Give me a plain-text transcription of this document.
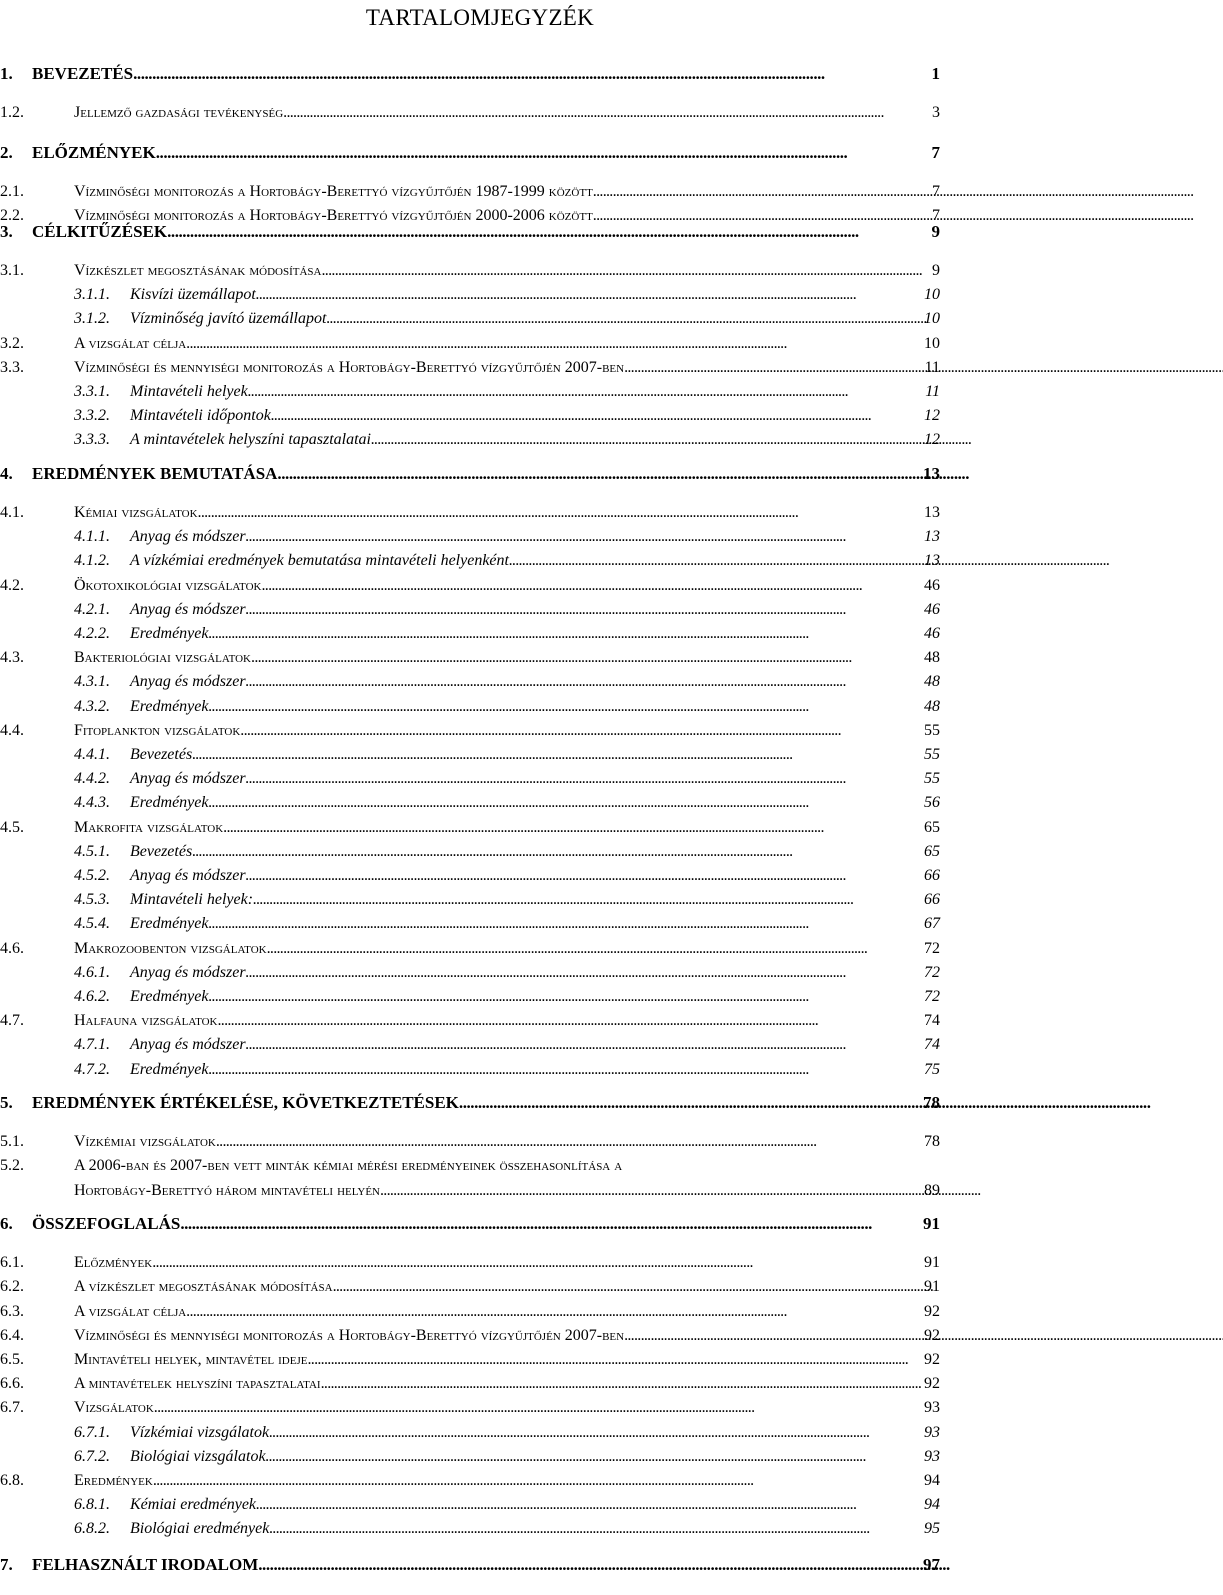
TARTALOMJEGYZÉK
1.	BEVEZETÉS . . .	1
1.2.	Jellemző gazdasági tevékenység . . .	3
2.	ELŐZMÉNYEK . . .	7
2.1.	Vízminőségi monitorozás a Hortobágy-Berettyó vízgyűjtőjén 1987-1999 között . . .	7
2.2.	Vízminőségi monitorozás a Hortobágy-Berettyó vízgyűjtőjén 2000-2006 között . . .	7
3.	CÉLKITŰZÉSEK . . .	9
3.1.	Vízkészlet megosztásának módosítása . . .	9
3.1.1.	Kisvízi üzemállapot . . .	10
3.1.2.	Vízminőség javító üzemállapot . . .	10
3.2.	A vizsgálat célja . . .	10
3.3.	Vízminőségi és mennyiségi monitorozás a Hortobágy-Berettyó vízgyűjtőjén 2007-ben . . .	11
3.3.1.	Mintavételi helyek . . .	11
3.3.2.	Mintavételi időpontok . . .	12
3.3.3.	A mintavételek helyszíni tapasztalatai . . .	12
4.	EREDMÉNYEK BEMUTATÁSA . . .	13
4.1.	Kémiai vizsgálatok . . .	13
4.1.1.	Anyag és módszer . . .	13
4.1.2.	A vízkémiai eredmények bemutatása mintavételi helyenként . . .	13
4.2.	Ökotoxikológiai vizsgálatok . . .	46
4.2.1.	Anyag és módszer . . .	46
4.2.2.	Eredmények . . .	46
4.3.	Bakteriológiai vizsgálatok . . .	48
4.3.1.	Anyag és módszer . . .	48
4.3.2.	Eredmények . . .	48
4.4.	Fitoplankton vizsgálatok . . .	55
4.4.1.	Bevezetés . . .	55
4.4.2.	Anyag és módszer . . .	55
4.4.3.	Eredmények . . .	56
4.5.	Makrofita vizsgálatok . . .	65
4.5.1.	Bevezetés . . .	65
4.5.2.	Anyag és módszer . . .	66
4.5.3.	Mintavételi helyek: . . .	66
4.5.4.	Eredmények . . .	67
4.6.	Makrozoobenton vizsgálatok . . .	72
4.6.1.	Anyag és módszer . . .	72
4.6.2.	Eredmények . . .	72
4.7.	Halfauna vizsgálatok . . .	74
4.7.1.	Anyag és módszer . . .	74
4.7.2.	Eredmények . . .	75
5.	EREDMÉNYEK ÉRTÉKELÉSE, KÖVETKEZTETÉSEK . . .	78
5.1.	Vízkémiai vizsgálatok . . .	78
5.2.	A 2006-ban és 2007-ben vett minták kémiai mérési eredményeinek összehasonlítása a
Hortobágy-Berettyó három mintavételi helyén . . .	89
6.	ÖSSZEFOGLALÁS . . .	91
6.1.	Előzmények . . .	91
6.2.	A vízkészlet megosztásának módosítása . . .	91
6.3.	A vizsgálat célja . . .	92
6.4.	Vízminőségi és mennyiségi monitorozás a Hortobágy-Berettyó vízgyűjtőjén 2007-ben . . .	92
6.5.	Mintavételi helyek, mintavétel ideje . . .	92
6.6.	A mintavételek helyszíni tapasztalatai . . .	92
6.7.	Vizsgálatok . . .	93
6.7.1.	Vízkémiai vizsgálatok . . .	93
6.7.2.	Biológiai vizsgálatok . . .	93
6.8.	Eredmények . . .	94
6.8.1.	Kémiai eredmények . . .	94
6.8.2.	Biológiai eredmények . . .	95
7.	FELHASZNÁLT IRODALOM . . .	97
